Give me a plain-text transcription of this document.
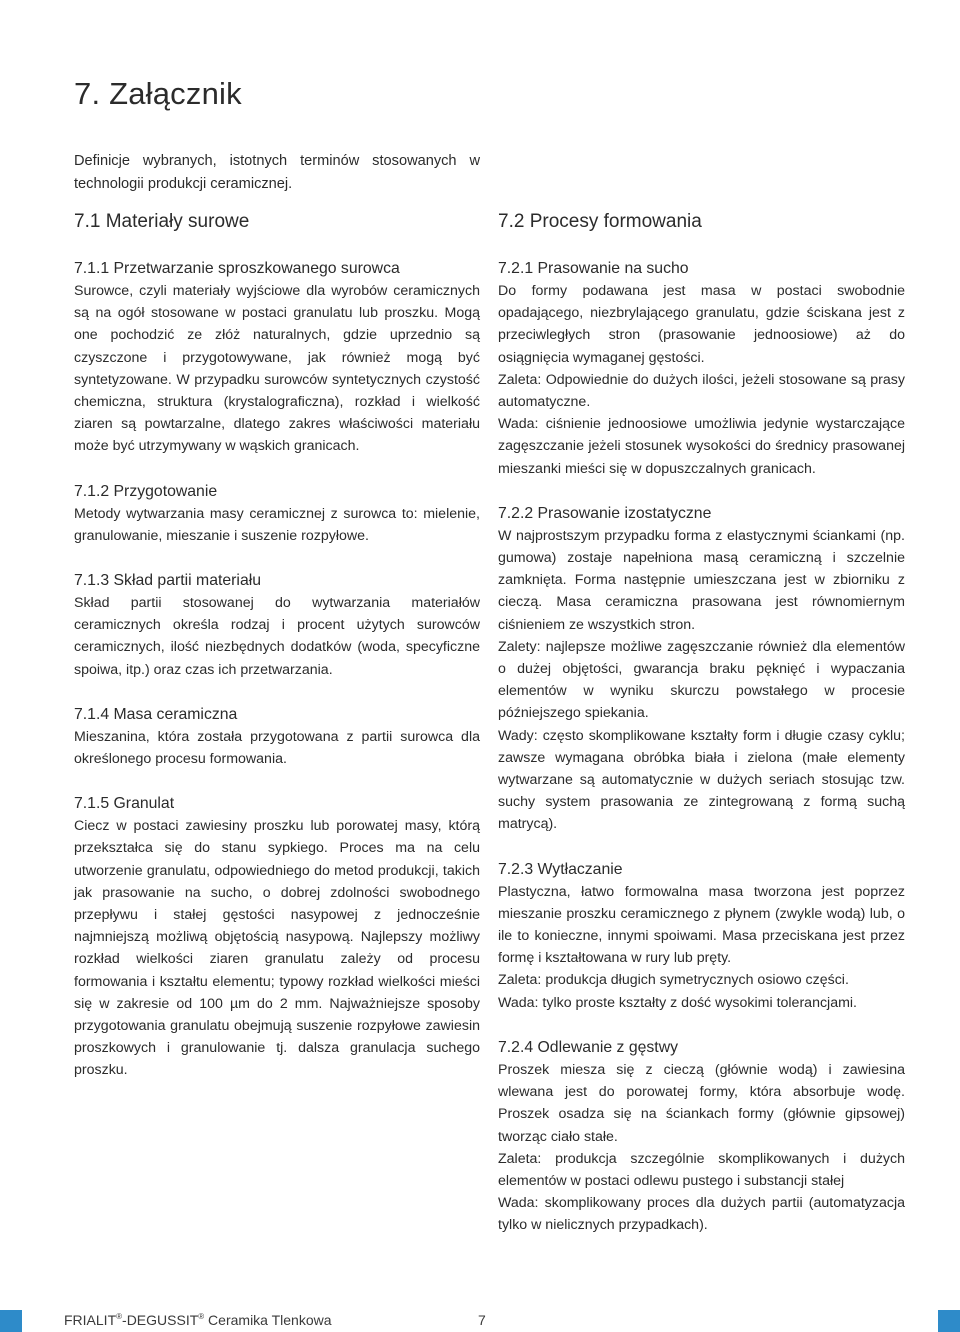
7. Załącznik

Definicje wybranych, istotnych terminów stosowanych w technologii produkcji ceramicznej.

7.1 Materiały surowe
7.1.1 Przetwarzanie sproszkowanego surowca

Surowce, czyli materiały wyjściowe dla wyrobów ceramicznych są na ogół stosowane w postaci granulatu lub proszku. Mogą one pochodzić ze złóż naturalnych, gdzie uprzednio są czyszczone i przygotowywane, jak również mogą być syntetyzowane. W przypadku surowców syntetycznych czystość chemiczna, struktura (krystalograficzna), rozkład i wielkość ziaren są powtarzalne, dlatego zakres właściwości materiału może być utrzymywany w wąskich granicach.

7.1.2 Przygotowanie

Metody wytwarzania masy ceramicznej z surowca to: mielenie, granulowanie, mieszanie i suszenie rozpyłowe.

7.1.3 Skład partii materiału

Skład partii stosowanej do wytwarzania materiałów ceramicznych określa rodzaj i procent użytych surowców ceramicznych, ilość niezbędnych dodatków (woda, specyficzne spoiwa, itp.) oraz czas ich przetwarzania.

7.1.4 Masa ceramiczna

Mieszanina, która została przygotowana z partii surowca dla określonego procesu formowania.

7.1.5 Granulat

Ciecz w postaci zawiesiny proszku lub porowatej masy, którą przekształca się do stanu sypkiego. Proces ma na celu utworzenie granulatu, odpowiedniego do metod produkcji, takich jak prasowanie na sucho, o dobrej zdolności swobodnego przepływu i stałej gęstości nasypowej z jednocześnie najmniejszą możliwą objętością nasypową. Najlepszy możliwy rozkład wielkości ziaren granulatu zależy od procesu formowania i kształtu elementu; typowy rozkład wielkości mieści się w zakresie od 100 µm do 2 mm. Najważniejsze sposoby przygotowania granulatu obejmują suszenie rozpyłowe zawiesin proszkowych i granulowanie tj. dalsza granulacja suchego proszku.

7.2 Procesy formowania
7.2.1 Prasowanie na sucho

Do formy podawana jest masa w postaci swobodnie opadającego, niezbrylającego granulatu, gdzie ściskana jest z przeciwległych stron (prasowanie jednoosiowe) aż do osiągnięcia wymaganej gęstości.

Zaleta: Odpowiednie do dużych ilości, jeżeli stosowane są prasy automatyczne.

Wada: ciśnienie jednoosiowe umożliwia jedynie wystarczające zagęszczanie jeżeli stosunek wysokości do średnicy prasowanej mieszanki mieści się w dopuszczalnych granicach.

7.2.2 Prasowanie izostatyczne

W najprostszym przypadku forma z elastycznymi ściankami (np. gumowa) zostaje napełniona masą ceramiczną i szczelnie zamknięta. Forma następnie umieszczana jest w zbiorniku z cieczą. Masa ceramiczna prasowana jest równomiernym ciśnieniem ze wszystkich stron.

Zalety: najlepsze możliwe zagęszczanie również dla elementów o dużej objętości, gwarancja braku pęknięć i wypaczania elementów w wyniku skurczu powstałego w procesie późniejszego spiekania.

Wady: często skomplikowane kształty form i długie czasy cyklu; zawsze wymagana obróbka biała i zielona (małe elementy wytwarzane są automatycznie w dużych seriach stosując tzw. suchy system prasowania ze zintegrowaną z formą suchą matrycą).

7.2.3 Wytłaczanie

Plastyczna, łatwo formowalna masa tworzona jest poprzez mieszanie proszku ceramicznego z płynem (zwykle wodą) lub, o ile to konieczne, innymi spoiwami. Masa przeciskana jest przez formę i kształtowana w rury lub pręty.

Zaleta: produkcja długich symetrycznych osiowo części.

Wada: tylko proste kształty z dość wysokimi tolerancjami.

7.2.4 Odlewanie z gęstwy

Proszek miesza się z cieczą (głównie wodą) i zawiesina wlewana jest do porowatej formy, która absorbuje wodę. Proszek osadza się na ściankach formy (głównie gipsowej) tworząc ciało stałe.

Zaleta: produkcja szczególnie skomplikowanych i dużych elementów w postaci odlewu pustego i substancji stałej

Wada: skomplikowany proces dla dużych partii (automatyzacja tylko w nielicznych przypadkach).

FRIALIT®-DEGUSSIT® Ceramika Tlenkowa	7
